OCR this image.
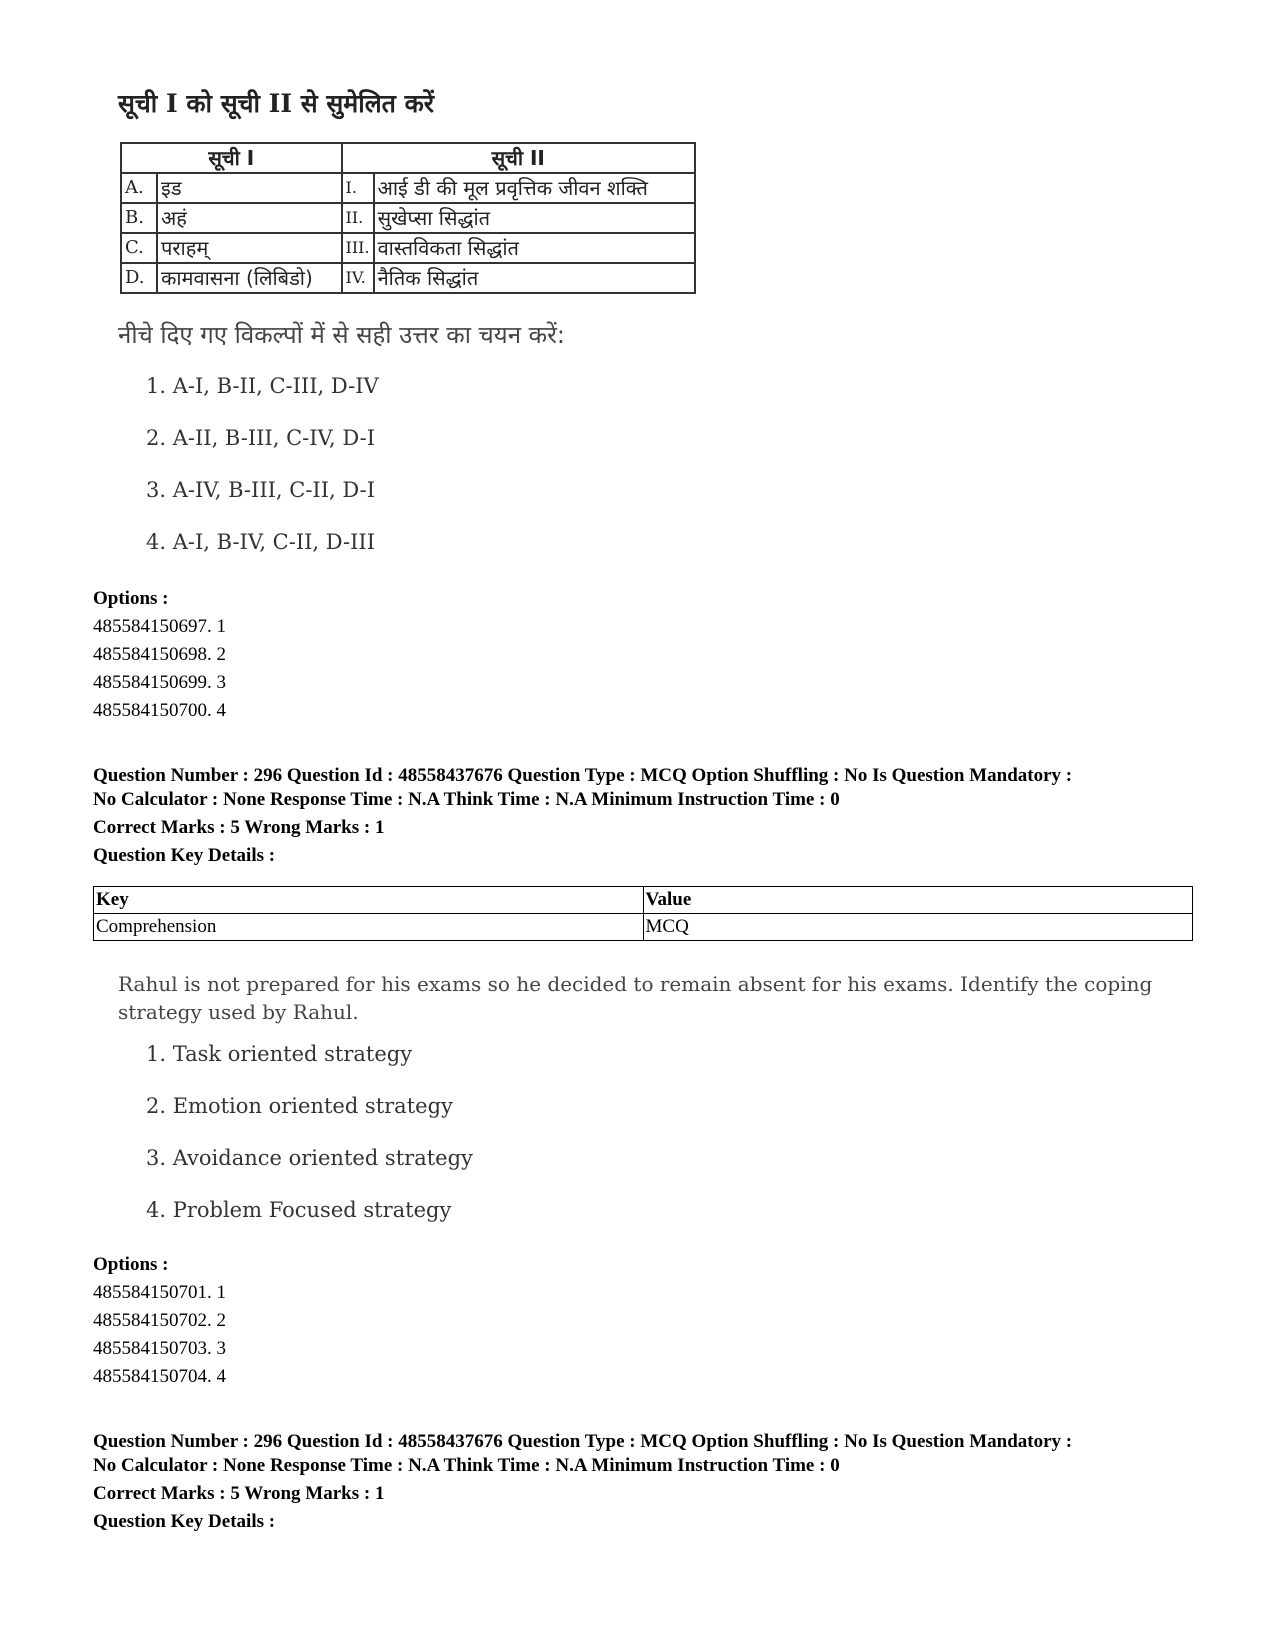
सूची I को सूची II से सुमेलित करें
सूची I		सूची II	
A.	इड	I.	आई डी की मूल प्रवृत्तिक जीवन शक्ति
B.	अहं	II.	सुखेप्सा सिद्धांत
C.	पराहम्	III.	वास्तविकता सिद्धांत
D.	कामवासना (लिबिडो)	IV.	नैतिक सिद्धांत
नीचे दिए गए विकल्पों में से सही उत्तर का चयन करें:
1. A-I, B-II, C-III, D-IV
2. A-II, B-III, C-IV, D-I
3. A-IV, B-III, C-II, D-I
4. A-I, B-IV, C-II, D-III
Options :
485584150697. 1
485584150698. 2
485584150699. 3
485584150700. 4
Question Number : 296 Question Id : 48558437676 Question Type : MCQ Option Shuffling : No Is Question Mandatory :
No Calculator : None Response Time : N.A Think Time : N.A Minimum Instruction Time : 0
Correct Marks : 5 Wrong Marks : 1
Question Key Details :
Key	Value
Comprehension	MCQ
Rahul is not prepared for his exams so he decided to remain absent for his exams. Identify the coping strategy used by Rahul.
1. Task oriented strategy
2. Emotion oriented strategy
3. Avoidance oriented strategy
4. Problem Focused strategy
Options :
485584150701. 1
485584150702. 2
485584150703. 3
485584150704. 4
Question Number : 296 Question Id : 48558437676 Question Type : MCQ Option Shuffling : No Is Question Mandatory :
No Calculator : None Response Time : N.A Think Time : N.A Minimum Instruction Time : 0
Correct Marks : 5 Wrong Marks : 1
Question Key Details :
